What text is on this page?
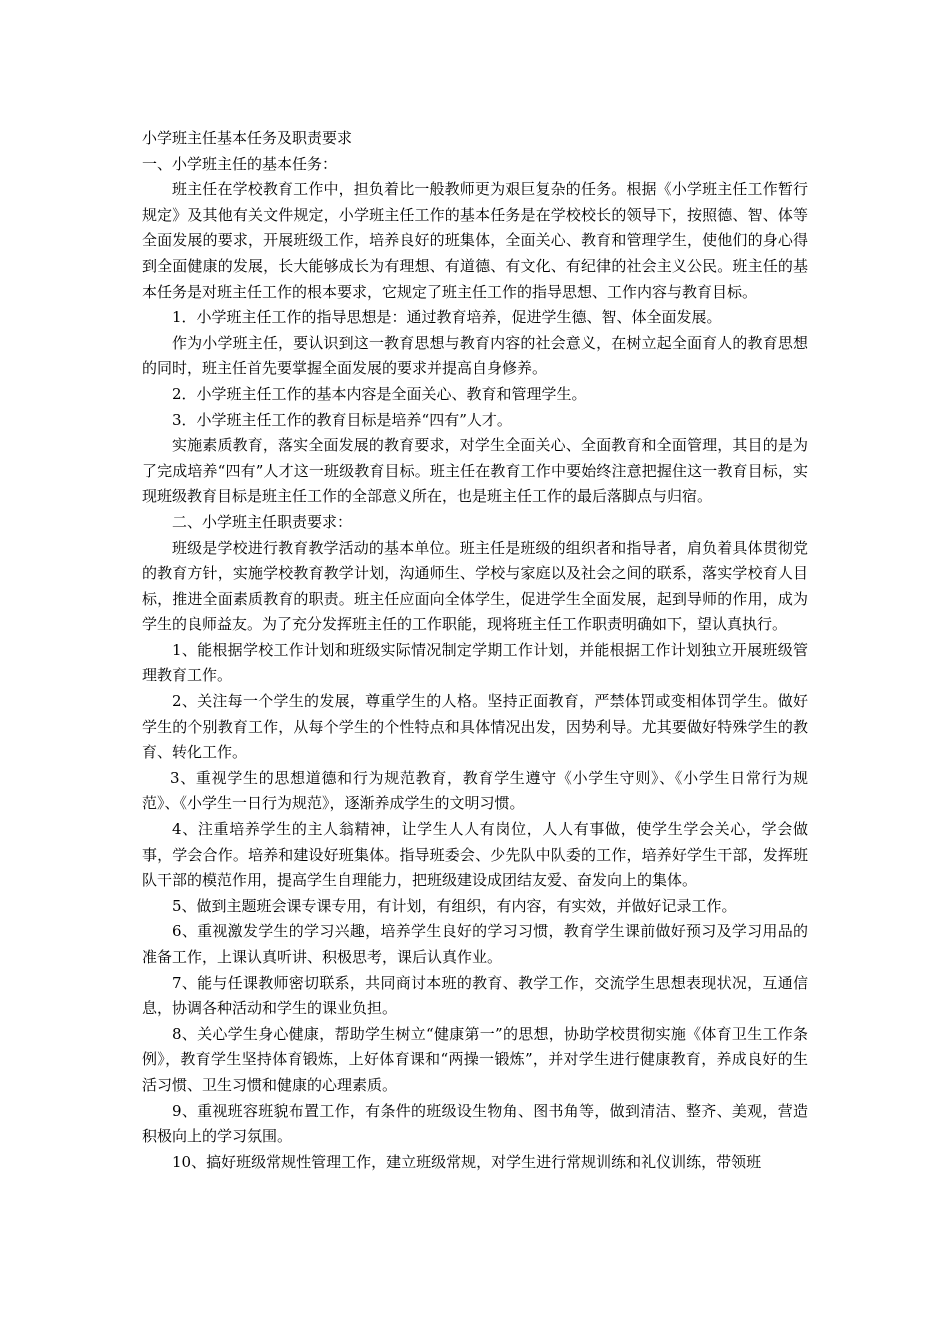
小学班主任基本任务及职责要求

一、小学班主任的基本任务：

班主任在学校教育工作中，担负着比一般教师更为艰巨复杂的任务。根据《小学班主任工作暂行规定》及其他有关文件规定，小学班主任工作的基本任务是在学校校长的领导下，按照德、智、体等全面发展的要求，开展班级工作，培养良好的班集体，全面关心、教育和管理学生，使他们的身心得到全面健康的发展，长大能够成长为有理想、有道德、有文化、有纪律的社会主义公民。班主任的基本任务是对班主任工作的根本要求，它规定了班主任工作的指导思想、工作内容与教育目标。

1．小学班主任工作的指导思想是：通过教育培养，促进学生德、智、体全面发展。

作为小学班主任，要认识到这一教育思想与教育内容的社会意义，在树立起全面育人的教育思想的同时，班主任首先要掌握全面发展的要求并提高自身修养。

2．小学班主任工作的基本内容是全面关心、教育和管理学生。

3．小学班主任工作的教育目标是培养“四有”人才。

实施素质教育，落实全面发展的教育要求，对学生全面关心、全面教育和全面管理，其目的是为了完成培养“四有”人才这一班级教育目标。班主任在教育工作中要始终注意把握住这一教育目标，实现班级教育目标是班主任工作的全部意义所在，也是班主任工作的最后落脚点与归宿。

二、小学班主任职责要求：

班级是学校进行教育教学活动的基本单位。班主任是班级的组织者和指导者，肩负着具体贯彻党的教育方针，实施学校教育教学计划，沟通师生、学校与家庭以及社会之间的联系，落实学校育人目标，推进全面素质教育的职责。班主任应面向全体学生，促进学生全面发展，起到导师的作用，成为学生的良师益友。为了充分发挥班主任的工作职能，现将班主任工作职责明确如下，望认真执行。

1、能根据学校工作计划和班级实际情况制定学期工作计划，并能根据工作计划独立开展班级管理教育工作。

2、关注每一个学生的发展，尊重学生的人格。坚持正面教育，严禁体罚或变相体罚学生。做好学生的个别教育工作，从每个学生的个性特点和具体情况出发，因势利导。尤其要做好特殊学生的教育、转化工作。

3、重视学生的思想道德和行为规范教育，教育学生遵守《小学生守则》、《小学生日常行为规范》、《小学生一日行为规范》，逐渐养成学生的文明习惯。

4、注重培养学生的主人翁精神，让学生人人有岗位，人人有事做，使学生学会关心，学会做事，学会合作。培养和建设好班集体。指导班委会、少先队中队委的工作，培养好学生干部，发挥班队干部的模范作用，提高学生自理能力，把班级建设成团结友爱、奋发向上的集体。

5、做到主题班会课专课专用，有计划，有组织，有内容，有实效，并做好记录工作。

6、重视激发学生的学习兴趣，培养学生良好的学习习惯，教育学生课前做好预习及学习用品的准备工作，上课认真听讲、积极思考，课后认真作业。

7、能与任课教师密切联系，共同商讨本班的教育、教学工作，交流学生思想表现状况，互通信息，协调各种活动和学生的课业负担。

8、关心学生身心健康，帮助学生树立“健康第一”的思想，协助学校贯彻实施《体育卫生工作条例》，教育学生坚持体育锻炼，上好体育课和“两操一锻炼”，并对学生进行健康教育，养成良好的生活习惯、卫生习惯和健康的心理素质。

9、重视班容班貌布置工作，有条件的班级设生物角、图书角等，做到清洁、整齐、美观，营造积极向上的学习氛围。

10、搞好班级常规性管理工作，建立班级常规，对学生进行常规训练和礼仪训练，带领班
